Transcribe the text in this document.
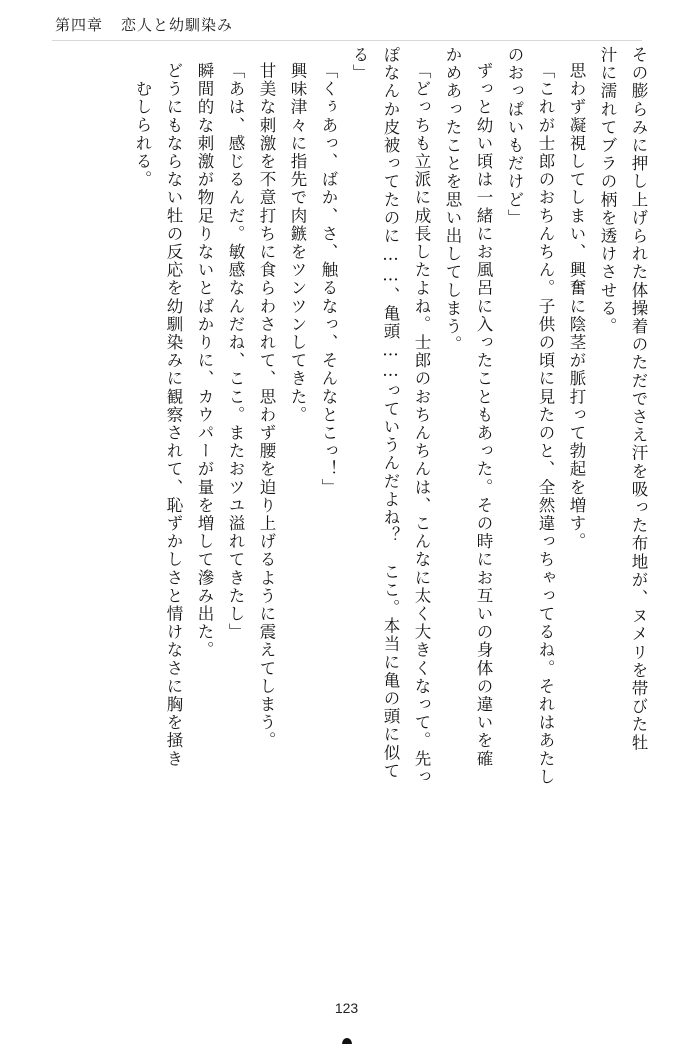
第四章 恋人と幼馴染み
その膨らみに押し上げられた体操着のただでさえ汗を吸った布地が、ヌメリを帯びた牡
汁に濡れてブラの柄を透けさせる。
思わず凝視してしまい、興奮に陰茎が脈打って勃起を増す。
「これが士郎のおちんちん。子供の頃に見たのと、全然違っちゃってるね。それはあたし
のおっぱいもだけど」
ずっと幼い頃は一緒にお風呂に入ったこともあった。その時にお互いの身体の違いを確
かめあったことを思い出してしまう。
「どっちも立派に成長したよね。士郎のおちんちんは、こんなに太く大きくなって。先っ
ぽなんか皮被ってたのに……、亀頭……っていうんだよね？　ここ。本当に亀の頭に似て
る」
「くぅあっ、ばか、さ、触るなっ、そんなとこっ！」
興味津々に指先で肉鏃をツンツンしてきた。
甘美な刺激を不意打ちに食らわされて、思わず腰を迫り上げるように震えてしまう。
「あは、感じるんだ。敏感なんだね、ここ。またおツユ溢れてきたし」
瞬間的な刺激が物足りないとばかりに、カウパーが量を増して滲み出た。
どうにもならない牡の反応を幼馴染みに観察されて、恥ずかしさと情けなさに胸を掻き
むしられる。
123
